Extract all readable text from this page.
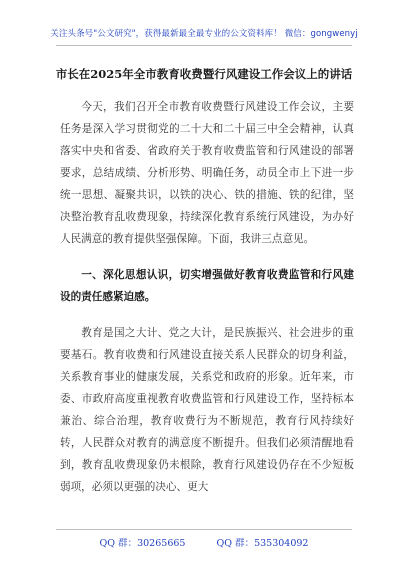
关注头条号"公文研究"，获得最新最全最专业的公文资料库！ 微信：gongwenyj
市长在2025年全市教育收费暨行风建设工作会议上的讲话

今天，我们召开全市教育收费暨行风建设工作会议，主要任务是深入学习贯彻党的二十大和二十届三中全会精神，认真落实中央和省委、省政府关于教育收费监管和行风建设的部署要求，总结成绩、分析形势、明确任务，动员全市上下进一步统一思想、凝聚共识，以铁的决心、铁的措施、铁的纪律，坚决整治教育乱收费现象，持续深化教育系统行风建设，为办好人民满意的教育提供坚强保障。下面，我讲三点意见。

一、深化思想认识，切实增强做好教育收费监管和行风建设的责任感紧迫感。

教育是国之大计、党之大计，是民族振兴、社会进步的重要基石。教育收费和行风建设直接关系人民群众的切身利益，关系教育事业的健康发展，关系党和政府的形象。近年来，市委、市政府高度重视教育收费监管和行风建设工作，坚持标本兼治、综合治理，教育收费行为不断规范，教育行风持续好转，人民群众对教育的满意度不断提升。但我们必须清醒地看到，教育乱收费现象仍未根除，教育行风建设仍存在不少短板弱项，必须以更强的决心、更大

QQ 群：30265665	QQ 群：535304092
